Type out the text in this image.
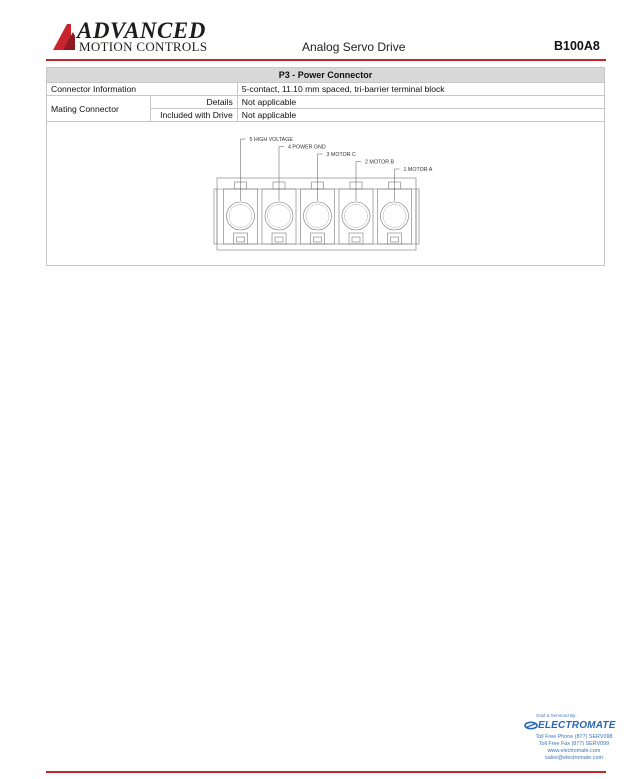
ADVANCED
MOTION CONTROLS	Analog Servo Drive	B100A8
P3 - Power Connector		
Connector Information		5-contact, 11.10 mm spaced, tri-barrier terminal block
Mating Connector	Details	Not applicable
	Included with Drive	Not applicable

5 HIGH VOLTAGE
4 POWER GND
3 MOTOR C
2 MOTOR B
1 MOTOR A		
Sold & Serviced By:
ELECTROMATE
Toll Free Phone (877) SERV098
Toll Free Fax (877) SERV099
www.electromate.com
sales@electromate.com
